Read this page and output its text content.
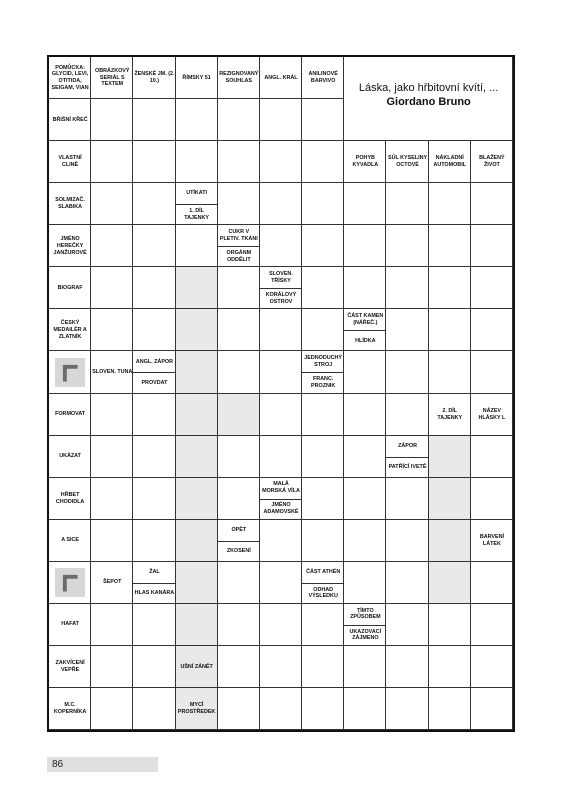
Láska, jako hřbitovní kvítí, ...
Giordano Bruno
POMŮCKA: GLYCID, LEVI, OTITIDA, SEIGAM, VIAN
OBRÁZKOVÝ SERIÁL S TEXTEM
ŽENSKÉ JM. (2. 10.)
ŘÍMSKY 51
REZIGNOVANÝ SOUHLAS
ANGL. KRÁL
ANILINOVÉ BARVIVO
BŘIŠNÍ KŘEČ
VLASTNÍ CLINĚ
SOLMIZAČ. SLABIKA
JMÉNO HEREČKY JANŽUROVÉ
BIOGRAF
ČESKÝ MEDAILÉR A ZLATNÍK
FORMOVAT
UKÁZAT
HŘBET CHODIDLA
A SICE
HAFAT
ZAKVÍCENÍ VEPŘE
M.C. KOPERNÍKA
POHYB KYVADLA
SŮL KYSELINY OCTOVÉ
NÁKLADNÍ AUTOMOBIL
BLAŽENÝ ŽIVOT
UTÍKATI
1. DÍL TAJENKY
CUKR V PLETIV. TKÁNI
ORGÁNM ODDĚLIT
SLOVEN. TŘÍSKY
KORÁLOVÝ OSTROV
ČÁST KAMEN (NÁŘEČ.)
HLÍDKA
SLOVEN. TUNA
ANGL. ZÁPOR
PROVDAT
JEDNODUCHÝ STROJ
FRANC. PROZNIK
2. DÍL TAJENKY
NÁZEV HLÁSKY L
ZÁPOR
PATŘÍCÍ IVETĚ
MALÁ MORSKÁ VÍLA
JMÉNO ADAMOVSKÉ
OPĚT
ZKOSENÍ
BARVENÍ LÁTEK
ŠEPOT
ŽAL
HLAS KANÁRA
ČÁST ATHÉN
ODHAD VÝSLEDKU
TÍMTO ZPŮSOBEM
UKAZOVACÍ ZÁJMENO
UŠNÍ ZÁNĚT
MYCÍ PROSTŘEDEK
86
